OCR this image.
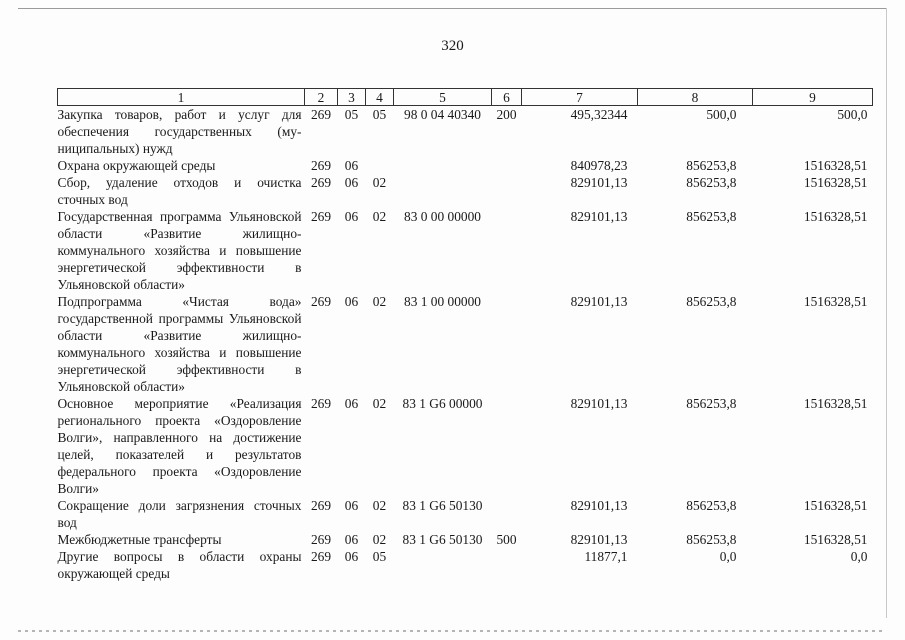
320
1	2	3	4	5	6	7	8	9
Закупка товаров, работ и услуг для обеспечения государственных (му-ниципальных) нужд	269	05	05	98 0 04 40340	200	495,32344	500,0	500,0
Охрана окружающей среды	269	06				840978,23	856253,8	1516328,51
Сбор, удаление отходов и очистка сточных вод	269	06	02			829101,13	856253,8	1516328,51
Государственная программа Ульяновской области «Развитие жилищно-коммунального хозяйства и повышение энергетической эффективности в Ульяновской области»	269	06	02	83 0 00 00000		829101,13	856253,8	1516328,51
Подпрограмма «Чистая вода» государственной программы Ульяновской области «Развитие жилищно-коммунального хозяйства и повышение энергетической эффективности в Ульяновской области»	269	06	02	83 1 00 00000		829101,13	856253,8	1516328,51
Основное мероприятие «Реализация регионального проекта «Оздоровление Волги», направленного на достижение целей, показателей и результатов федерального проекта «Оздоровление Волги»	269	06	02	83 1 G6 00000		829101,13	856253,8	1516328,51
Сокращение доли загрязнения сточных вод	269	06	02	83 1 G6 50130		829101,13	856253,8	1516328,51
Межбюджетные трансферты	269	06	02	83 1 G6 50130	500	829101,13	856253,8	1516328,51
Другие вопросы в области охраны окружающей среды	269	06	05			11877,1	0,0	0,0
